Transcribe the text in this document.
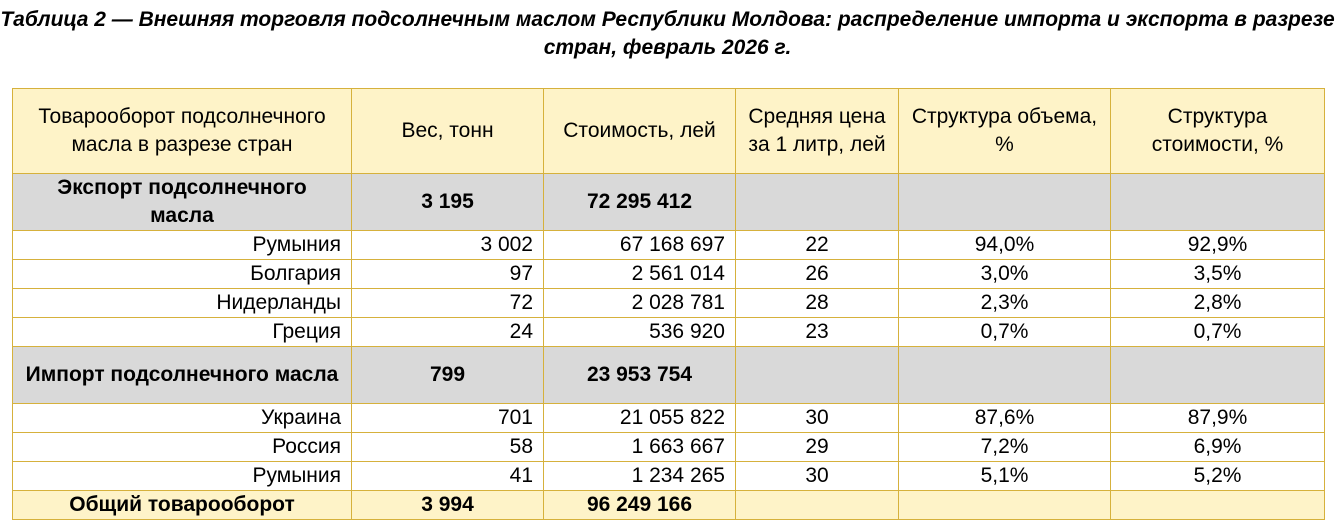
Таблица 2 — Внешняя торговля подсолнечным маслом Республики Молдова: распределение импорта и экспорта в разрезе стран, февраль 2026 г.
Товарооборот подсолнечного масла в разрезе стран	Вес, тонн	Стоимость, лей	Средняя цена за 1 литр, лей	Структура объема, %	Структура стоимости, %
Экспорт подсолнечного масла	3 195	72 295 412			
Румыния	3 002	67 168 697	22	94,0%	92,9%
Болгария	97	2 561 014	26	3,0%	3,5%
Нидерланды	72	2 028 781	28	2,3%	2,8%
Греция	24	536 920	23	0,7%	0,7%
Импорт подсолнечного масла	799	23 953 754			
Украина	701	21 055 822	30	87,6%	87,9%
Россия	58	1 663 667	29	7,2%	6,9%
Румыния	41	1 234 265	30	5,1%	5,2%
Общий товарооборот	3 994	96 249 166			
